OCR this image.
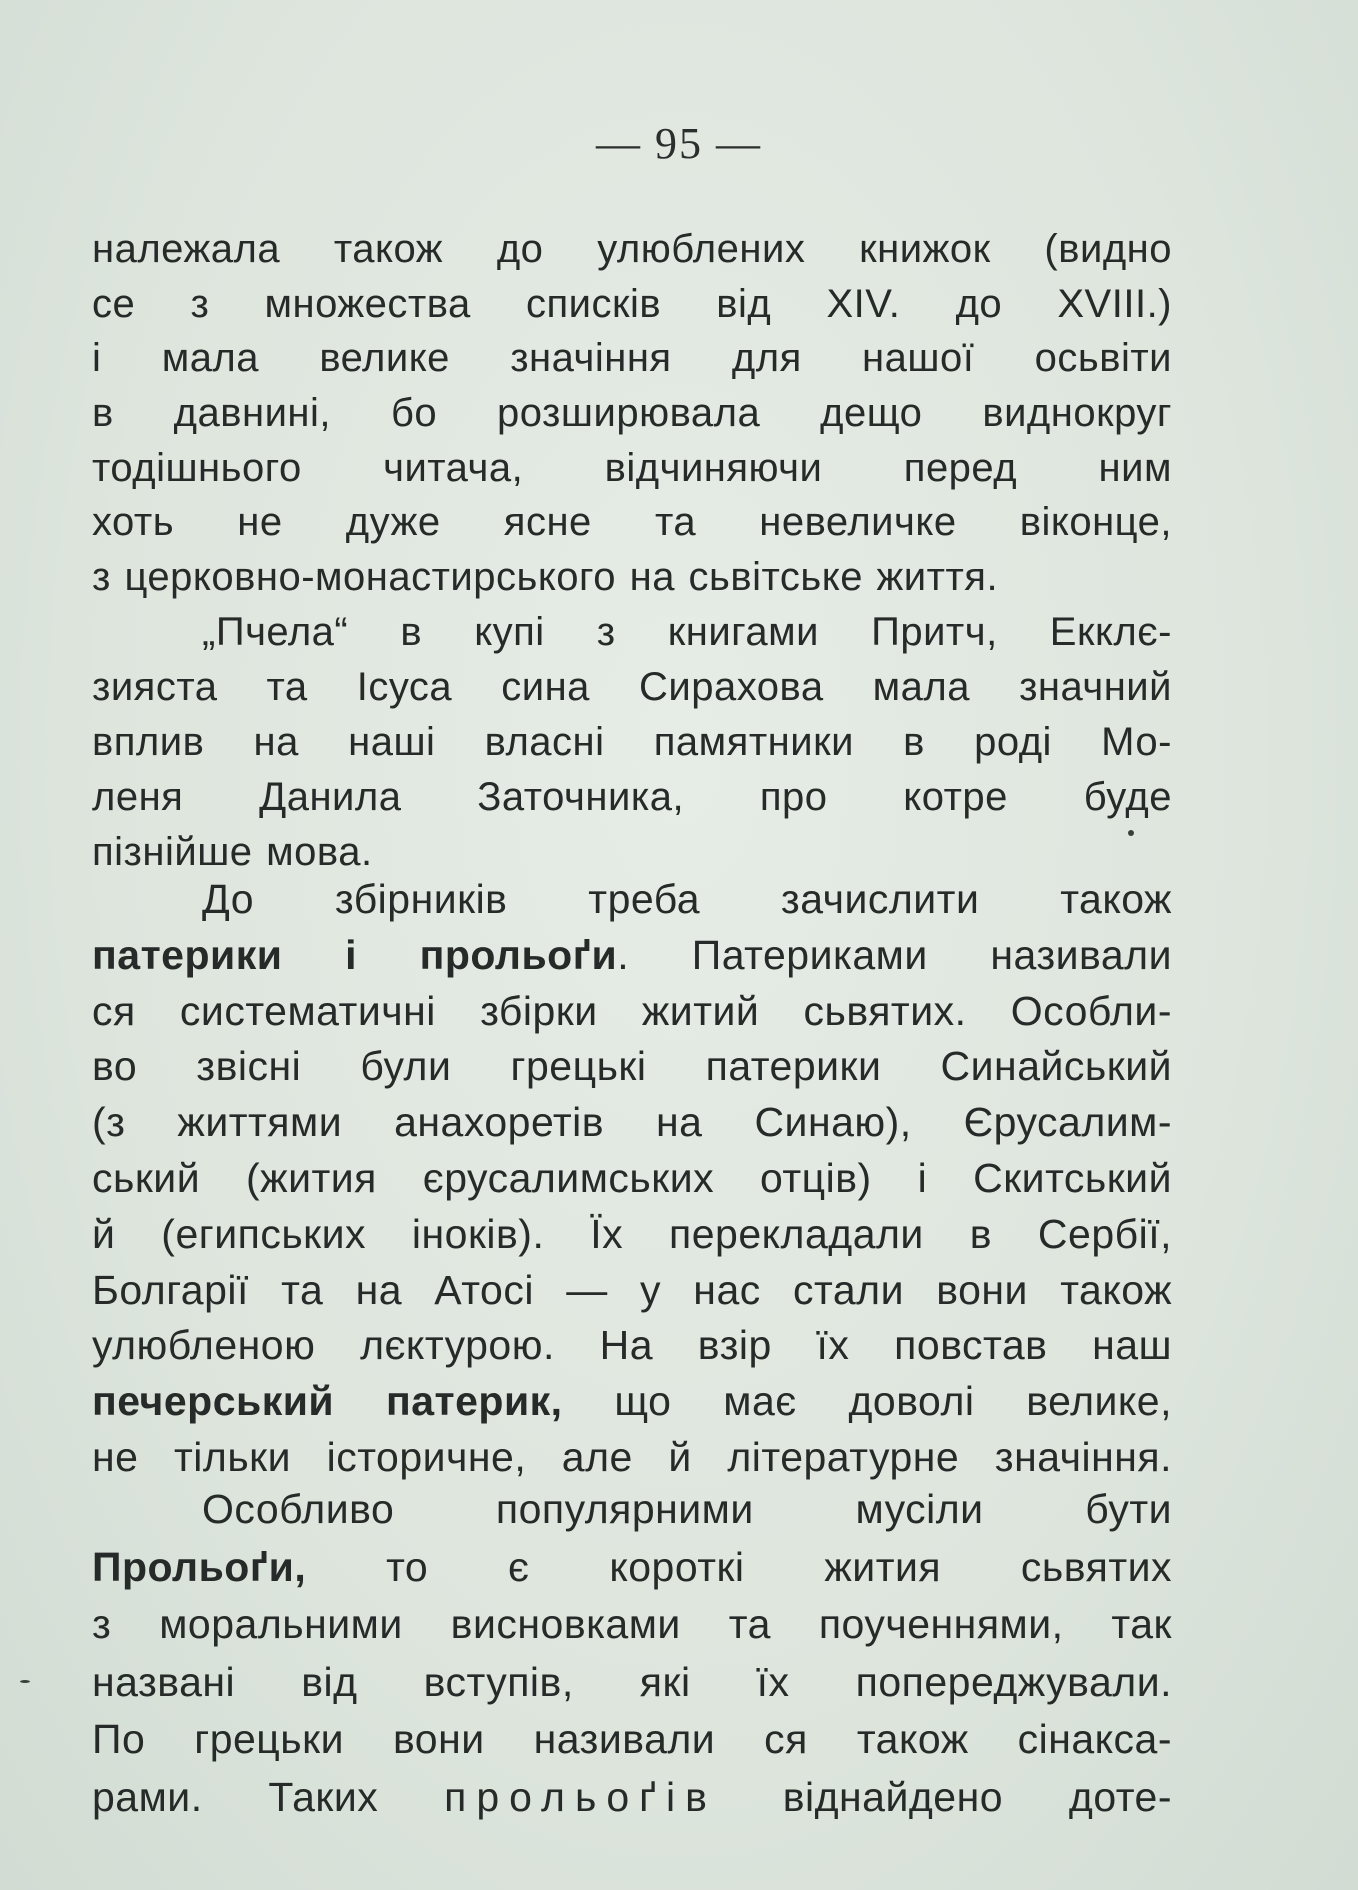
— 95 —
належала також до улюблених книжок (видно
се з множества списків від XIV. до XVIII.)
і мала велике значіння для нашої осьвіти
в давнині, бо розширювала дещо виднокруг
тодішнього читача, відчиняючи перед ним
хоть не дуже ясне та невеличке віконце,
з церковно-монастирського на сьвітське життя.
„Пчела“ в купі з книгами Притч, Екклє-
зияста та Ісуса сина Сирахова мала значний
вплив на наші власні памятники в роді Мо-
леня Данила Заточника, про котре буде
пізнійше мова.
До збірників треба зачислити також
патерики і прольоґи. Патериками називали
ся систематичні збірки житий сьвятих. Особли-
во звісні були грецькі патерики Синайський
(з життями анахоретів на Синаю), Єрусалим-
ський (жития єрусалимських отців) і Скитський
й (египських іноків). Їх перекладали в Сербії,
Болгарії та на Атосі — у нас стали вони також
улюбленою лєктурою. На взір їх повстав наш
печерський патерик, що має доволі велике,
не тільки історичне, але й літературне значіння.
Особливо популярними мусіли бути
Прольоґи, то є короткі жития сьвятих
з моральними висновками та поученнями, так
названі від вступів, які їх попереджували.
По грецьки вони називали ся також сінакса-
рами. Таких прольоґів віднайдено доте-
